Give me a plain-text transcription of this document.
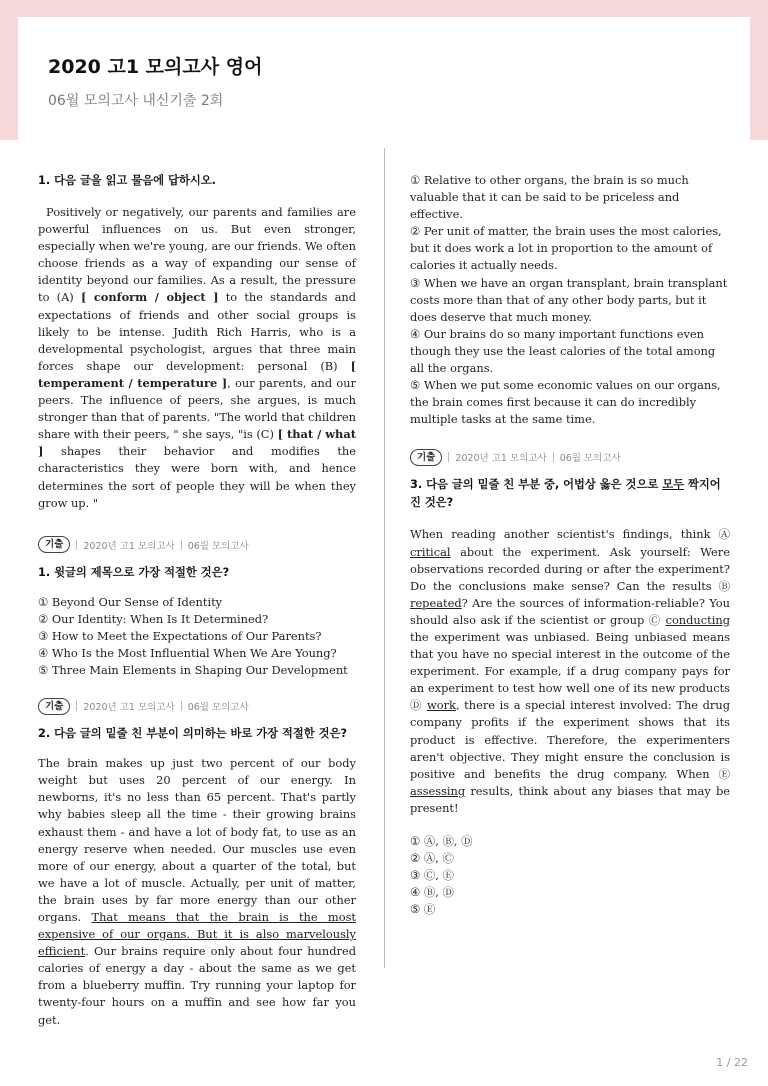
2020 고1 모의고사 영어

06월 모의고사 내신기출 2회

1. 다음 글을 읽고 물음에 답하시오.

Positively or negatively, our parents and families are powerful influences on us. But even stronger, especially when we're young, are our friends. We often choose friends as a way of expanding our sense of identity beyond our families. As a result, the pressure to (A) [ conform / object ] to the standards and expectations of friends and other social groups is likely to be intense. Judith Rich Harris, who is a developmental psychologist, argues that three main forces shape our development: personal (B) [ temperament / temperature ], our parents, and our peers. The influence of peers, she argues, is much stronger than that of parents. "The world that children share with their peers, " she says, "is (C) [ that / what ] shapes their behavior and modifies the characteristics they were born with, and hence determines the sort of people they will be when they grow up. "

기출	2020년 고1 모의고사 06월 모의고사

1. 윗글의 제목으로 가장 적절한 것은?

① Beyond Our Sense of Identity
② Our Identity: When Is It Determined?
③ How to Meet the Expectations of Our Parents?
④ Who Is the Most Influential When We Are Young?
⑤ Three Main Elements in Shaping Our Development
기출	2020년 고1 모의고사 06월 모의고사

2. 다음 글의 밑줄 친 부분이 의미하는 바로 가장 적절한 것은?

The brain makes up just two percent of our body weight but uses 20 percent of our energy. In newborns, it's no less than 65 percent. That's partly why babies sleep all the time - their growing brains exhaust them - and have a lot of body fat, to use as an energy reserve when needed. Our muscles use even more of our energy, about a quarter of the total, but we have a lot of muscle. Actually, per unit of matter, the brain uses by far more energy than our other organs. That means that the brain is the most expensive of our organs. But it is also marvelously efficient. Our brains require only about four hundred calories of energy a day - about the same as we get from a blueberry muffin. Try running your laptop for twenty-four hours on a muffin and see how far you get.

① Relative to other organs, the brain is so much valuable that it can be said to be priceless and effective.
② Per unit of matter, the brain uses the most calories, but it does work a lot in proportion to the amount of calories it actually needs.
③ When we have an organ transplant, brain transplant costs more than that of any other body parts, but it does deserve that much money.
④ Our brains do so many important functions even though they use the least calories of the total among all the organs.
⑤ When we put some economic values on our organs, the brain comes first because it can do incredibly multiple tasks at the same time.
기출	2020년 고1 모의고사 06월 모의고사

3. 다음 글의 밑줄 친 부분 중, 어법상 옳은 것으로 모두 짝지어진 것은?

When reading another scientist's findings, think Ⓐ critical about the experiment. Ask yourself: Were observations recorded during or after the experiment? Do the conclusions make sense? Can the results Ⓑ repeated? Are the sources of information-reliable? You should also ask if the scientist or group Ⓒ conducting the experiment was unbiased. Being unbiased means that you have no special interest in the outcome of the experiment. For example, if a drug company pays for an experiment to test how well one of its new products Ⓓ work, there is a special interest involved: The drug company profits if the experiment shows that its product is effective. Therefore, the experimenters aren't objective. They might ensure the conclusion is positive and benefits the drug company. When Ⓔ assessing results, think about any biases that may be present!

① Ⓐ, Ⓑ, Ⓓ
② Ⓐ, Ⓒ
③ Ⓒ, Ⓔ
④ Ⓑ, Ⓓ
⑤ Ⓔ
1 / 22
